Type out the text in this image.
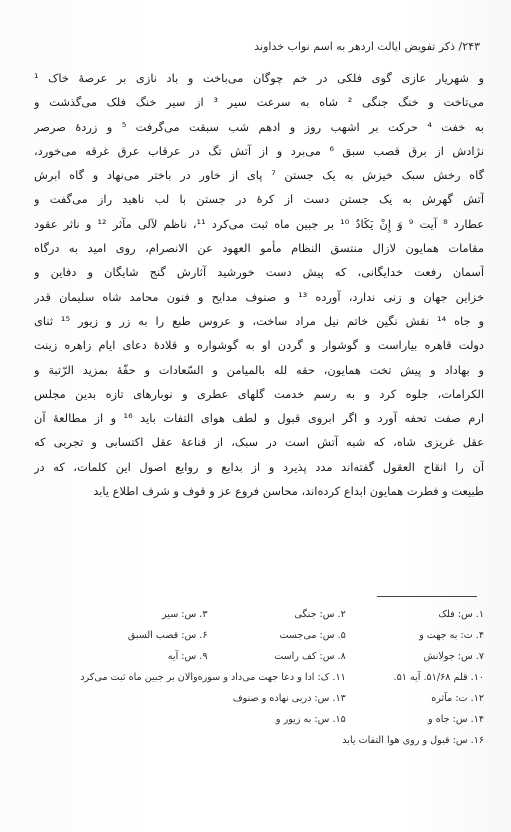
۲۴۳/ ذکر تفویض ایالت اردهر به اسم نواب خداوند
و شهریار عازی گوی فلکی در خم چوگان می‌باخت و باد نازی بر عرصهٔ خاک ¹
می‌تاخت و خنگ جنگی ² شاه به سرعت سیر ³ از سیر خنگ فلک می‌گذشت و
به خفت ⁴ حرکت بر اشهب روز و ادهم شب سبقت می‌گرفت ⁵ و زردهٔ صرصر
نژادش از برق قصب سبق ⁶ می‌برد و از آتش تگ در عرقاب عرق غرقه می‌خورد،
گاه رخش سبک خیزش به یک جستن ⁷ پای از خاور در باختر می‌نهاد و گاه ابرش
آتش گهرش به یک جستن دست از کرهٔ در جستن با لب ناهید راز می‌گفت و
عطارد ⁸ آیت ⁹ وَ إِنْ یَکَادُ ¹⁰ بر جبین ماه ثبت می‌کرد ¹¹، ناظم لآلی مآثر ¹² و ناثر عقود
مقامات همایون لازال منتسق النظام مأمو العهود عن الانصرام، روی امید به درگاه
آسمان رفعت خدایگانی، که پیش دست خورشید آثارش گنج شایگان و دفاین و
خزاین جهان و زنی ندارد، آورده ¹³ و صنوف مدایح و فنون محامد شاه سلیمان قدر
و جاه ¹⁴ نقش نگین خاتم نیل مراد ساخت، و عروس طبع را به زر و زیور ¹⁵ ثنای
دولت قاهره بیاراست و گوشوار و گردن او به گوشواره و قلادهٔ دعای ایام زاهره زینت
و بهاداد و پیش تخت همایون، حقه لله بالمیامن و السّعادات و حفّهٔ بمزید الرّتبة و
الکرامات، جلوه کرد و به رسم خدمت گلهای عطری و نوبارهای تازه بدین مجلس
ارم صفت تحفه آورد و اگر ابروی قبول و لطف هوای التفات باید ¹⁶ و از مطالعهٔ آن
عقل غریزی شاه، که شبه آتش است در سبک، از قناعهٔ عقل اکتسابی و تجربی که
آن را انقاح العقول گفته‌اند مدد پذیرد و از بدایع و روایع اصول این کلمات، که در
طبیعت و فطرت همایون ابداع کرده‌اند، محاسن فروع عز و قوف و شرف اطلاع یابد
۱. س: فلک
۲. س: جنگی
۳. س: سیر
۴. ت: به جهت و
۵. س: می‌جست
۶. س: قصب السبق
۷. س: جولانش
۸. س: کف راست
۹. س: آیه
۱۰. قلم ۵۱/۶۸. آیه ۵۱.
۱۱. ک: ادا و دعا جهت می‌داد و سوره‌والان بر جبین ماه ثبت می‌کرد
۱۲. ت: مآثره
۱۳. س: دربی نهاده و صنوف
۱۴. س: جاه و
۱۵. س: به زیور و
۱۶. س: قبول و روی هوا التفات یابد
